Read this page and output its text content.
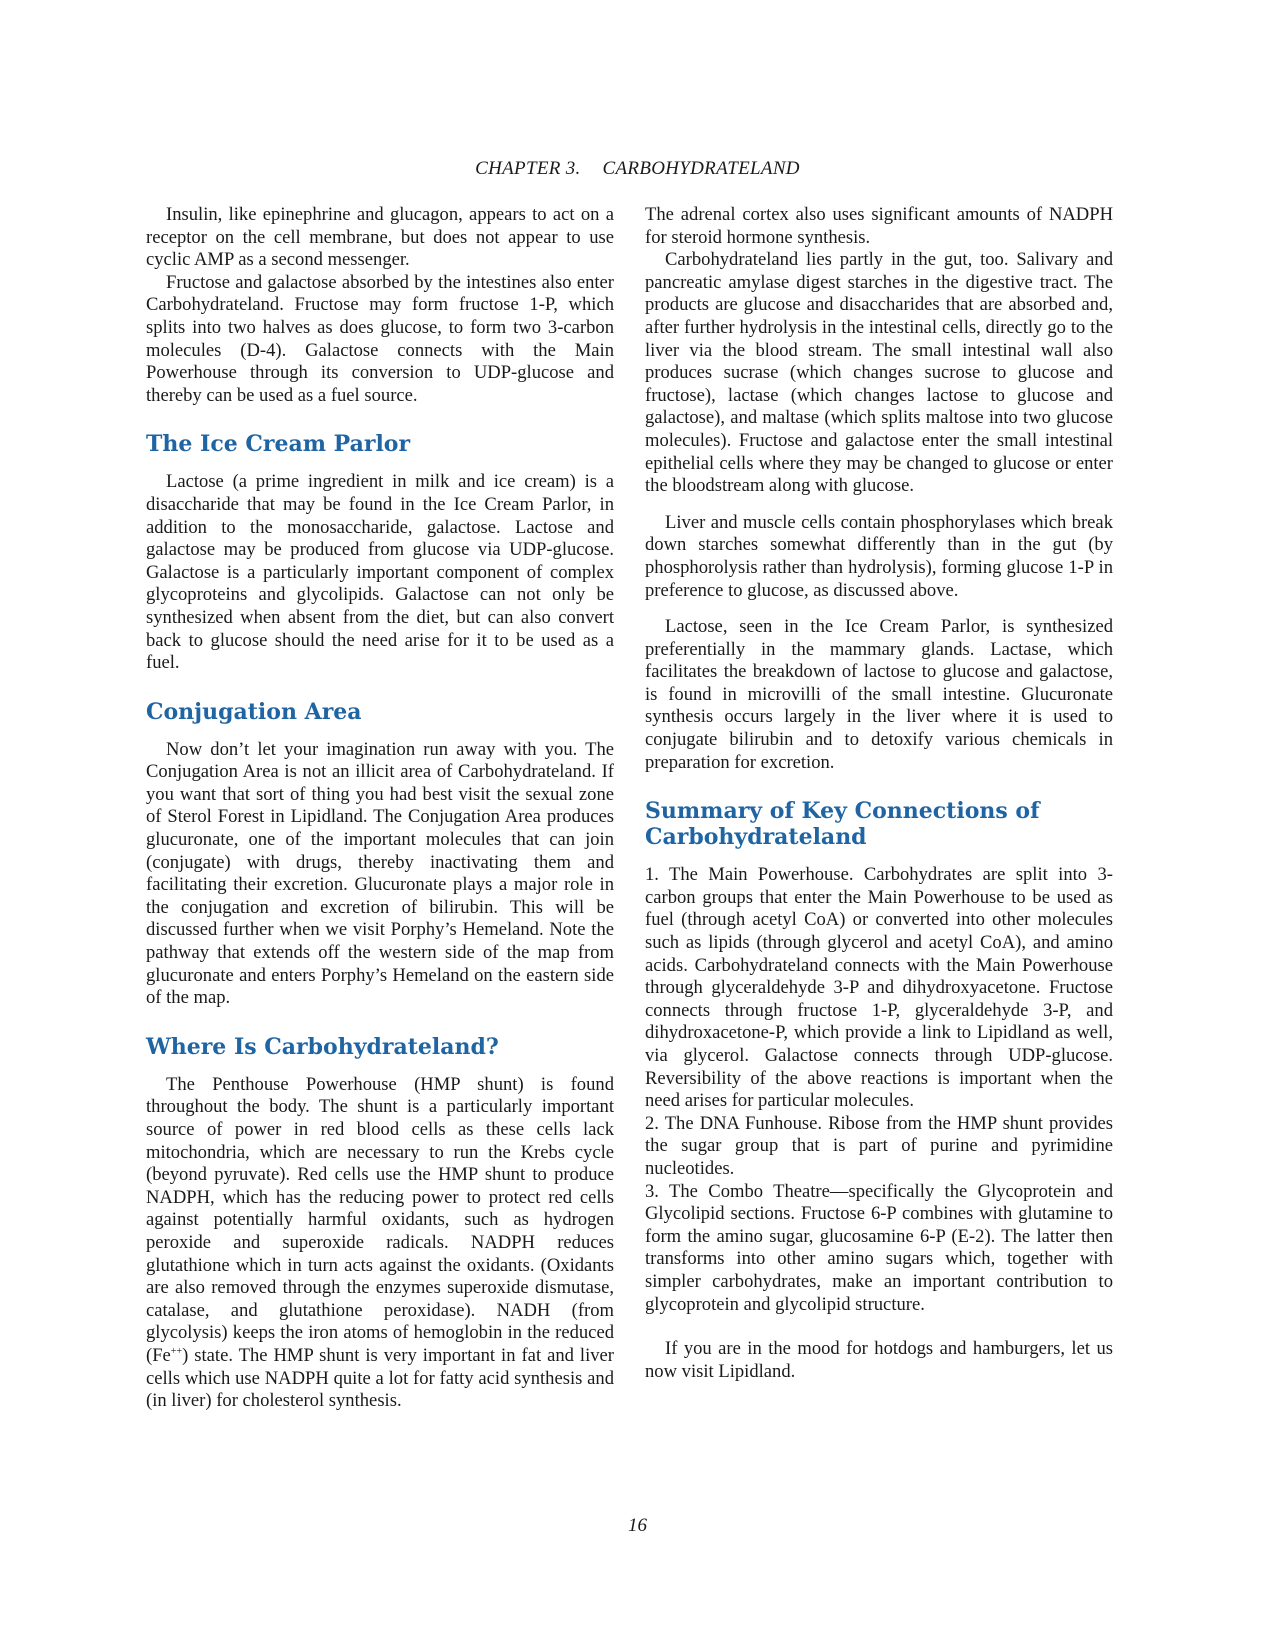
CHAPTER 3. CARBOHYDRATELAND

Insulin, like epinephrine and glucagon, appears to act on a receptor on the cell membrane, but does not appear to use cyclic AMP as a second messenger.

Fructose and galactose absorbed by the intestines also enter Carbohydrateland. Fructose may form fructose 1-P, which splits into two halves as does glucose, to form two 3-carbon molecules (D-4). Galactose connects with the Main Powerhouse through its conversion to UDP-glucose and thereby can be used as a fuel source.

The Ice Cream Parlor

Lactose (a prime ingredient in milk and ice cream) is a disaccharide that may be found in the Ice Cream Parlor, in addition to the monosaccharide, galactose. Lactose and galactose may be produced from glucose via UDP-glucose. Galactose is a particularly important component of complex glycoproteins and glycolipids. Galactose can not only be synthesized when absent from the diet, but can also convert back to glucose should the need arise for it to be used as a fuel.

Conjugation Area

Now don’t let your imagination run away with you. The Conjugation Area is not an illicit area of Carbohydrateland. If you want that sort of thing you had best visit the sexual zone of Sterol Forest in Lipidland. The Conjugation Area produces glucuronate, one of the important molecules that can join (conjugate) with drugs, thereby inactivating them and facilitating their excretion. Glucuronate plays a major role in the conjugation and excretion of bilirubin. This will be discussed further when we visit Porphy’s Hemeland. Note the pathway that extends off the western side of the map from glucuronate and enters Porphy’s Hemeland on the eastern side of the map.

Where Is Carbohydrateland?

The Penthouse Powerhouse (HMP shunt) is found throughout the body. The shunt is a particularly important source of power in red blood cells as these cells lack mitochondria, which are necessary to run the Krebs cycle (beyond pyruvate). Red cells use the HMP shunt to produce NADPH, which has the reducing power to protect red cells against potentially harmful oxidants, such as hydrogen peroxide and superoxide radicals. NADPH reduces glutathione which in turn acts against the oxidants. (Oxidants are also removed through the enzymes superoxide dismutase, catalase, and glutathione peroxidase). NADH (from glycolysis) keeps the iron atoms of hemoglobin in the reduced (Fe++) state. The HMP shunt is very important in fat and liver cells which use NADPH quite a lot for fatty acid synthesis and (in liver) for cholesterol synthesis.

The adrenal cortex also uses significant amounts of NADPH for steroid hormone synthesis.

Carbohydrateland lies partly in the gut, too. Salivary and pancreatic amylase digest starches in the digestive tract. The products are glucose and disaccharides that are absorbed and, after further hydrolysis in the intestinal cells, directly go to the liver via the blood stream. The small intestinal wall also produces sucrase (which changes sucrose to glucose and fructose), lactase (which changes lactose to glucose and galactose), and maltase (which splits maltose into two glucose molecules). Fructose and galactose enter the small intestinal epithelial cells where they may be changed to glucose or enter the bloodstream along with glucose.

Liver and muscle cells contain phosphorylases which break down starches somewhat differently than in the gut (by phosphorolysis rather than hydrolysis), forming glucose 1-P in preference to glucose, as discussed above.

Lactose, seen in the Ice Cream Parlor, is synthesized preferentially in the mammary glands. Lactase, which facilitates the breakdown of lactose to glucose and galactose, is found in microvilli of the small intestine. Glucuronate synthesis occurs largely in the liver where it is used to conjugate bilirubin and to detoxify various chemicals in preparation for excretion.

Summary of Key Connections of Carbohydrateland

1. The Main Powerhouse. Carbohydrates are split into 3-carbon groups that enter the Main Powerhouse to be used as fuel (through acetyl CoA) or converted into other molecules such as lipids (through glycerol and acetyl CoA), and amino acids. Carbohydrateland connects with the Main Powerhouse through glyceraldehyde 3-P and dihydroxyacetone. Fructose connects through fructose 1-P, glyceraldehyde 3-P, and dihydroxacetone-P, which provide a link to Lipidland as well, via glycerol. Galactose connects through UDP-glucose. Reversibility of the above reactions is important when the need arises for particular molecules.

2. The DNA Funhouse. Ribose from the HMP shunt provides the sugar group that is part of purine and pyrimidine nucleotides.

3. The Combo Theatre—specifically the Glycoprotein and Glycolipid sections. Fructose 6-P combines with glutamine to form the amino sugar, glucosamine 6-P (E-2). The latter then transforms into other amino sugars which, together with simpler carbohydrates, make an important contribution to glycoprotein and glycolipid structure.

If you are in the mood for hotdogs and hamburgers, let us now visit Lipidland.

16
